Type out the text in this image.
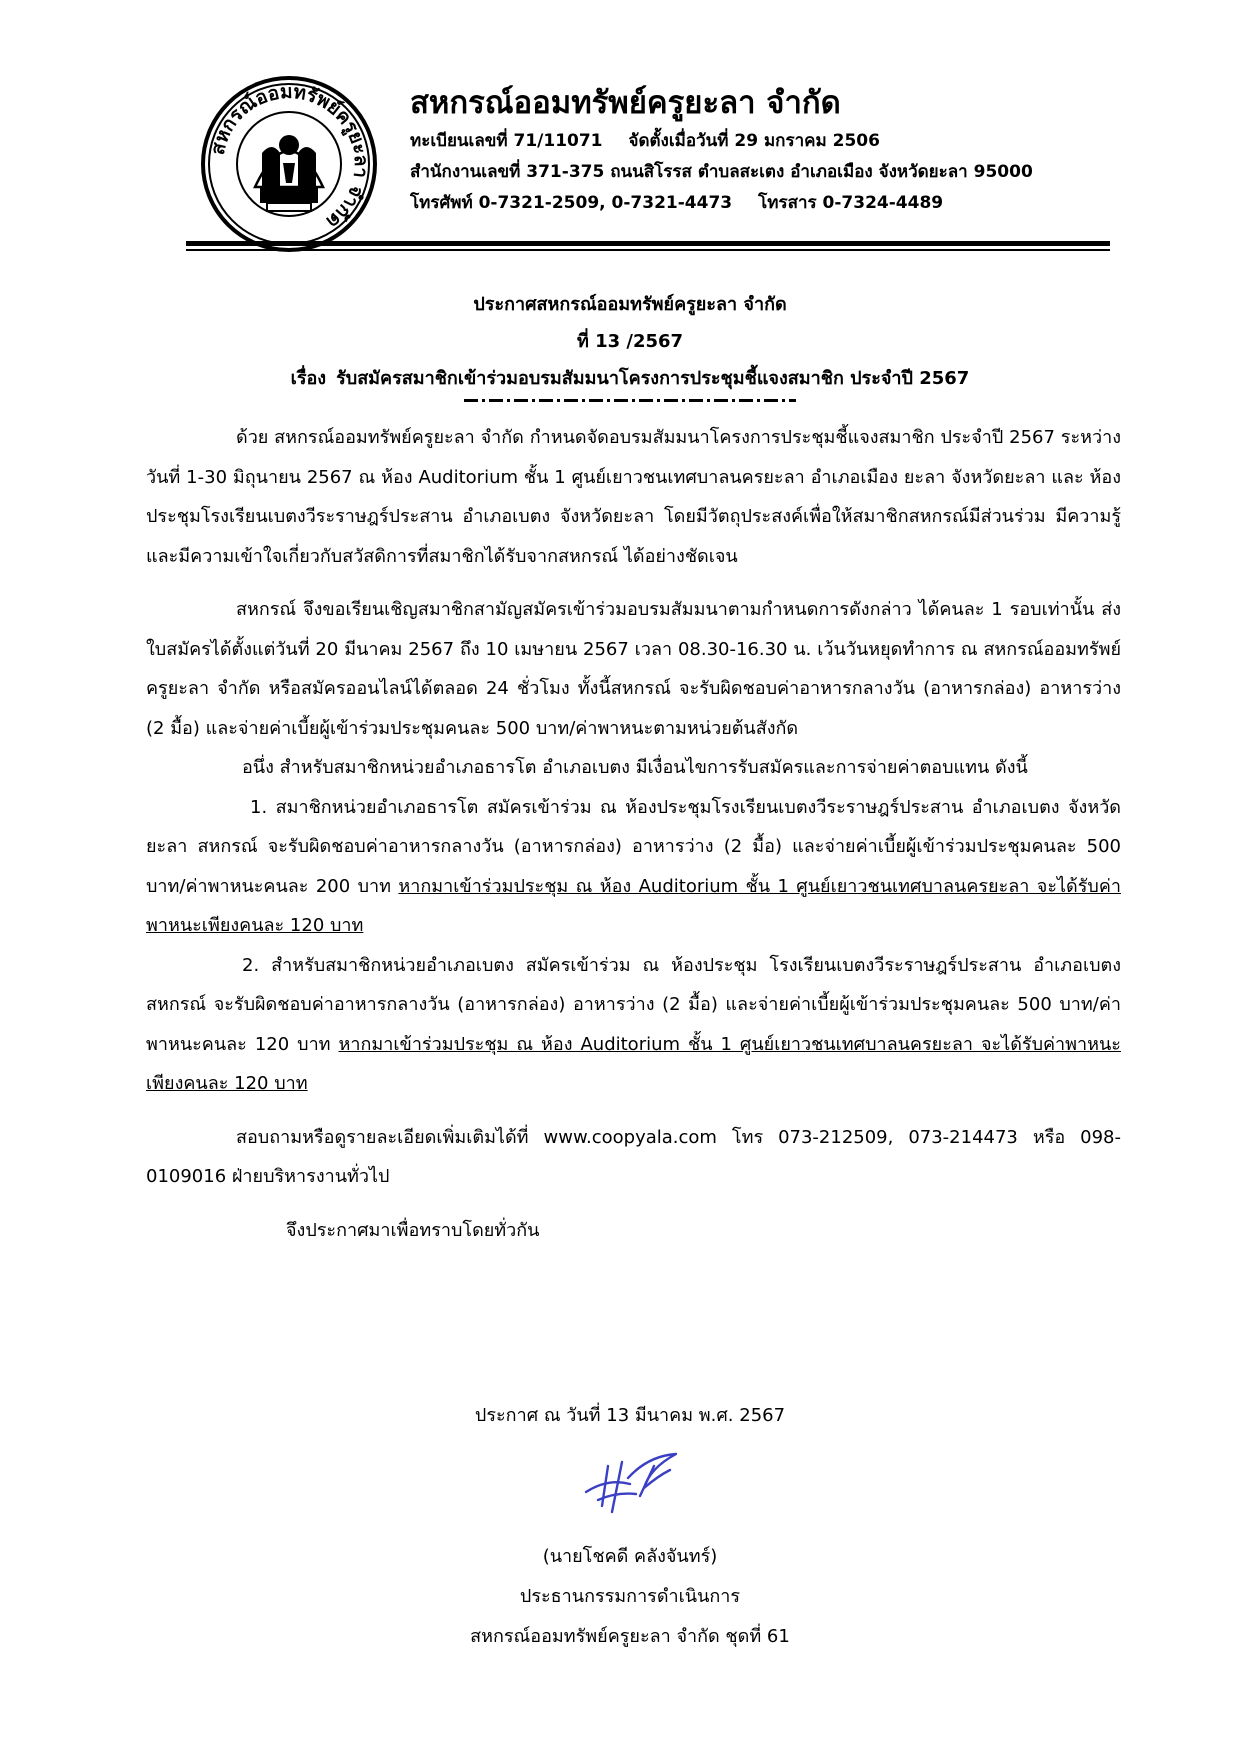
สหกรณ์ออมทรัพย์ครูยะลา จำกัด
สหกรณ์ออมทรัพย์ครูยะลา จำกัด
ทะเบียนเลขที่ 71/11071 จัดตั้งเมื่อวันที่ 29 มกราคม 2506
สำนักงานเลขที่ 371-375 ถนนสิโรรส ตำบลสะเตง อำเภอเมือง จังหวัดยะลา 95000
โทรศัพท์ 0-7321-2509, 0-7321-4473 โทรสาร 0-7324-4489
ประกาศสหกรณ์ออมทรัพย์ครูยะลา จำกัด
ที่ 13 /2567
เรื่อง รับสมัครสมาชิกเข้าร่วมอบรมสัมมนาโครงการประชุมชี้แจงสมาชิก ประจำปี 2567

ด้วย สหกรณ์ออมทรัพย์ครูยะลา จำกัด กำหนดจัดอบรมสัมมนาโครงการประชุมชี้แจงสมาชิก ประจำปี 2567 ระหว่างวันที่ 1-30 มิถุนายน 2567 ณ ห้อง Auditorium ชั้น 1 ศูนย์เยาวชนเทศบาลนครยะลา อำเภอเมือง ยะลา จังหวัดยะลา และ ห้องประชุมโรงเรียนเบตงวีระราษฎร์ประสาน อำเภอเบตง จังหวัดยะลา โดยมีวัตถุประสงค์เพื่อให้สมาชิกสหกรณ์มีส่วนร่วม มีความรู้ และมีความเข้าใจเกี่ยวกับสวัสดิการที่สมาชิกได้รับจากสหกรณ์ ได้อย่างชัดเจน

สหกรณ์ จึงขอเรียนเชิญสมาชิกสามัญสมัครเข้าร่วมอบรมสัมมนาตามกำหนดการดังกล่าว ได้คนละ 1 รอบเท่านั้น ส่งใบสมัครได้ตั้งแต่วันที่ 20 มีนาคม 2567 ถึง 10 เมษายน 2567 เวลา 08.30-16.30 น. เว้นวันหยุดทำการ ณ สหกรณ์ออมทรัพย์ครูยะลา จำกัด หรือสมัครออนไลน์ได้ตลอด 24 ชั่วโมง ทั้งนี้สหกรณ์ จะรับผิดชอบค่าอาหารกลางวัน (อาหารกล่อง) อาหารว่าง (2 มื้อ) และจ่ายค่าเบี้ยผู้เข้าร่วมประชุมคนละ 500 บาท/ค่าพาหนะตามหน่วยต้นสังกัด

อนึ่ง สำหรับสมาชิกหน่วยอำเภอธารโต อำเภอเบตง มีเงื่อนไขการรับสมัครและการจ่ายค่าตอบแทน ดังนี้

1. สมาชิกหน่วยอำเภอธารโต สมัครเข้าร่วม ณ ห้องประชุมโรงเรียนเบตงวีระราษฎร์ประสาน อำเภอเบตง จังหวัดยะลา สหกรณ์ จะรับผิดชอบค่าอาหารกลางวัน (อาหารกล่อง) อาหารว่าง (2 มื้อ) และจ่ายค่าเบี้ยผู้เข้าร่วมประชุมคนละ 500 บาท/ค่าพาหนะคนละ 200 บาท หากมาเข้าร่วมประชุม ณ ห้อง Auditorium ชั้น 1 ศูนย์เยาวชนเทศบาลนครยะลา จะได้รับค่าพาหนะเพียงคนละ 120 บาท

2. สำหรับสมาชิกหน่วยอำเภอเบตง สมัครเข้าร่วม ณ ห้องประชุม โรงเรียนเบตงวีระราษฎร์ประสาน อำเภอเบตง สหกรณ์ จะรับผิดชอบค่าอาหารกลางวัน (อาหารกล่อง) อาหารว่าง (2 มื้อ) และจ่ายค่าเบี้ยผู้เข้าร่วมประชุมคนละ 500 บาท/ค่าพาหนะคนละ 120 บาท หากมาเข้าร่วมประชุม ณ ห้อง Auditorium ชั้น 1 ศูนย์เยาวชนเทศบาลนครยะลา จะได้รับค่าพาหนะเพียงคนละ 120 บาท

สอบถามหรือดูรายละเอียดเพิ่มเติมได้ที่ www.coopyala.com โทร 073-212509, 073-214473 หรือ 098-0109016 ฝ่ายบริหารงานทั่วไป

จึงประกาศมาเพื่อทราบโดยทั่วกัน

ประกาศ ณ วันที่ 13 มีนาคม พ.ศ. 2567
(นายโชคดี คลังจันทร์)
ประธานกรรมการดำเนินการ
สหกรณ์ออมทรัพย์ครูยะลา จำกัด ชุดที่ 61
